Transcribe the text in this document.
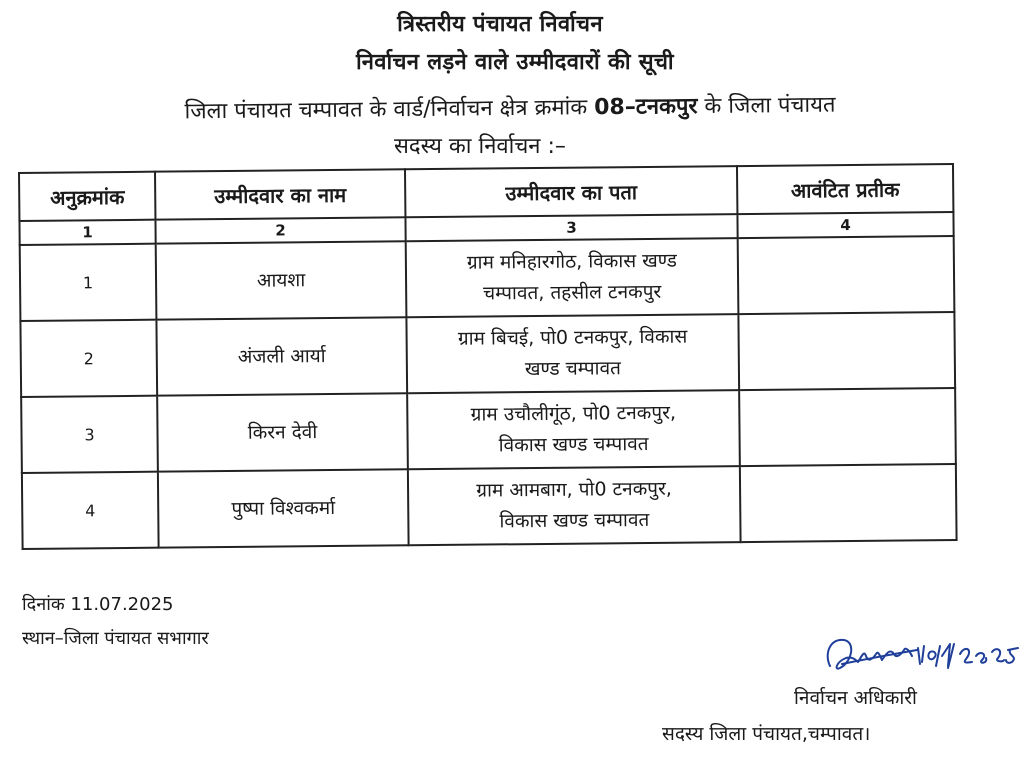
त्रिस्तरीय पंचायत निर्वाचन
निर्वाचन लड़ने वाले उम्मीदवारों की सूची
जिला पंचायत चम्पावत के वार्ड/निर्वाचन क्षेत्र क्रमांक 08–टनकपुर के जिला पंचायत
सदस्य का निर्वाचन :–
अनुक्रमांक	उम्मीदवार का नाम	उम्मीदवार का पता	आवंटित प्रतीक
1	2	3	4
1	आयशा	ग्राम मनिहारगोठ, विकास खण्ड
चम्पावत, तहसील टनकपुर	

2	अंजली आर्या	ग्राम बिचई, पो0 टनकपुर, विकास
खण्ड चम्पावत	

3	किरन देवी	ग्राम उचौलीगूंठ, पो0 टनकपुर,
विकास खण्ड चम्पावत	

4	पुष्पा विश्वकर्मा	ग्राम आमबाग, पो0 टनकपुर,
विकास खण्ड चम्पावत	

दिनांक 11.07.2025
स्थान–जिला पंचायत सभागार
निर्वाचन अधिकारी
सदस्य जिला पंचायत,चम्पावत।
